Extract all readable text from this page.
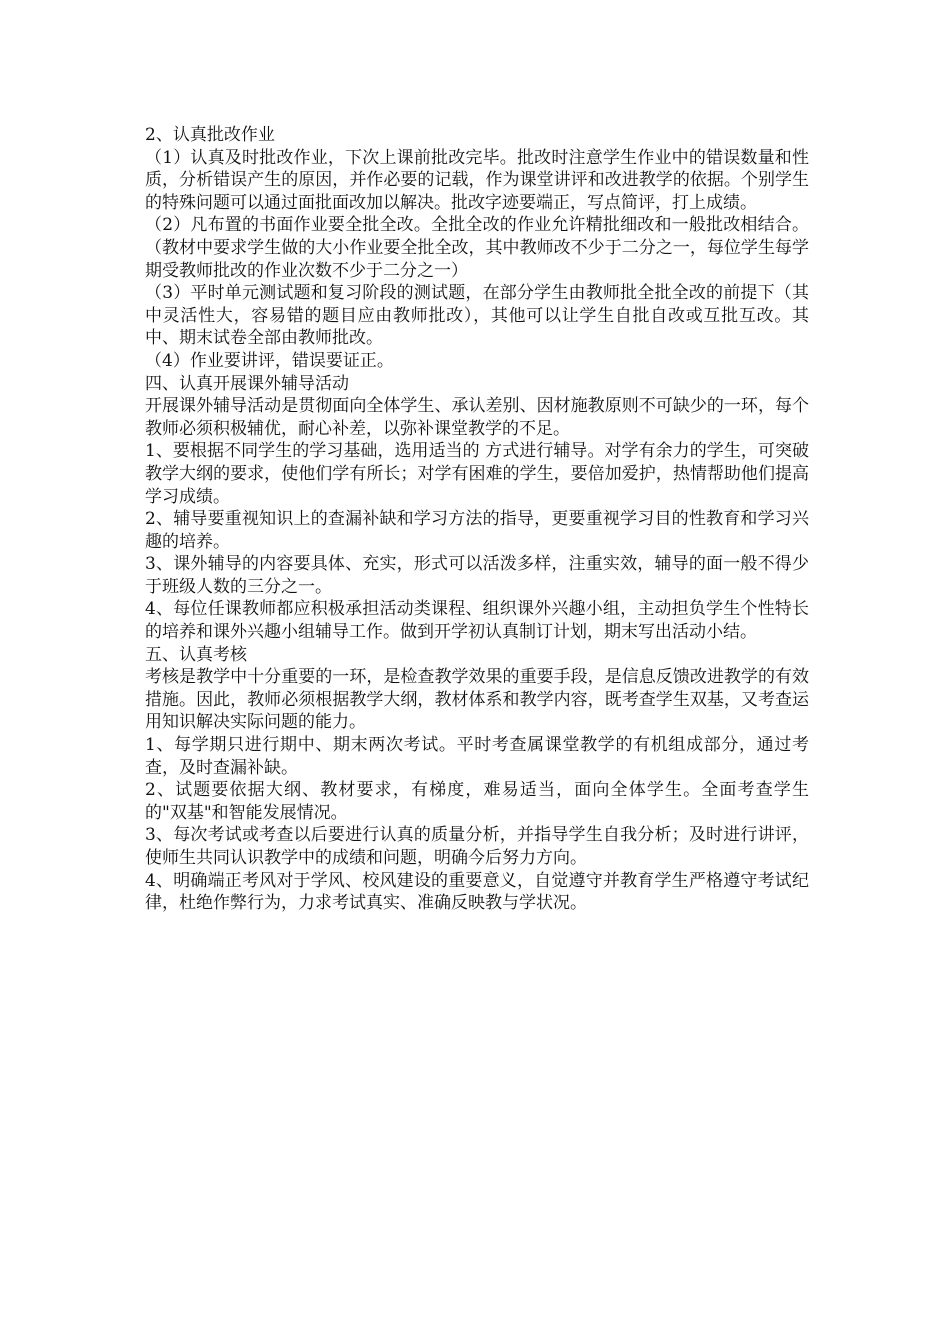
2、认真批改作业

（1）认真及时批改作业，下次上课前批改完毕。批改时注意学生作业中的错误数量和性质，分析错误产生的原因，并作必要的记载，作为课堂讲评和改进教学的依据。个别学生的特殊问题可以通过面批面改加以解决。批改字迹要端正，写点简评，打上成绩。

（2）凡布置的书面作业要全批全改。全批全改的作业允许精批细改和一般批改相结合。（教材中要求学生做的大小作业要全批全改，其中教师改不少于二分之一，每位学生每学期受教师批改的作业次数不少于二分之一）

（3）平时单元测试题和复习阶段的测试题，在部分学生由教师批全批全改的前提下（其中灵活性大，容易错的题目应由教师批改），其他可以让学生自批自改或互批互改。其中、期末试卷全部由教师批改。

（4）作业要讲评，错误要证正。

四、认真开展课外辅导活动

开展课外辅导活动是贯彻面向全体学生、承认差别、因材施教原则不可缺少的一环，每个教师必须积极辅优，耐心补差，以弥补课堂教学的不足。

1、要根据不同学生的学习基础，选用适当的 方式进行辅导。对学有余力的学生，可突破教学大纲的要求，使他们学有所长；对学有困难的学生，要倍加爱护，热情帮助他们提高学习成绩。

2、辅导要重视知识上的查漏补缺和学习方法的指导，更要重视学习目的性教育和学习兴趣的培养。

3、课外辅导的内容要具体、充实，形式可以活泼多样，注重实效，辅导的面一般不得少于班级人数的三分之一。

4、每位任课教师都应积极承担活动类课程、组织课外兴趣小组，主动担负学生个性特长的培养和课外兴趣小组辅导工作。做到开学初认真制订计划，期末写出活动小结。

五、认真考核

考核是教学中十分重要的一环，是检查教学效果的重要手段，是信息反馈改进教学的有效措施。因此，教师必须根据教学大纲，教材体系和教学内容，既考查学生双基，又考查运用知识解决实际问题的能力。

1、每学期只进行期中、期末两次考试。平时考查属课堂教学的有机组成部分，通过考查，及时查漏补缺。

2、试题要依据大纲、教材要求，有梯度，难易适当，面向全体学生。全面考查学生的"双基"和智能发展情况。

3、每次考试或考查以后要进行认真的质量分析，并指导学生自我分析；及时进行讲评，使师生共同认识教学中的成绩和问题，明确今后努力方向。

4、明确端正考风对于学风、校风建设的重要意义，自觉遵守并教育学生严格遵守考试纪律，杜绝作弊行为，力求考试真实、准确反映教与学状况。
